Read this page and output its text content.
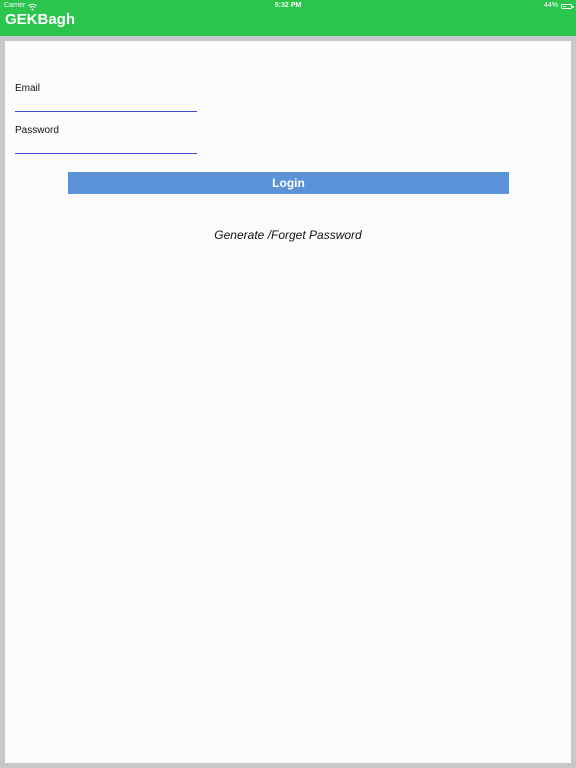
Carrier	5:32 PM	44%
GEKBagh
Email
Password
Login
Generate /Forget Password
